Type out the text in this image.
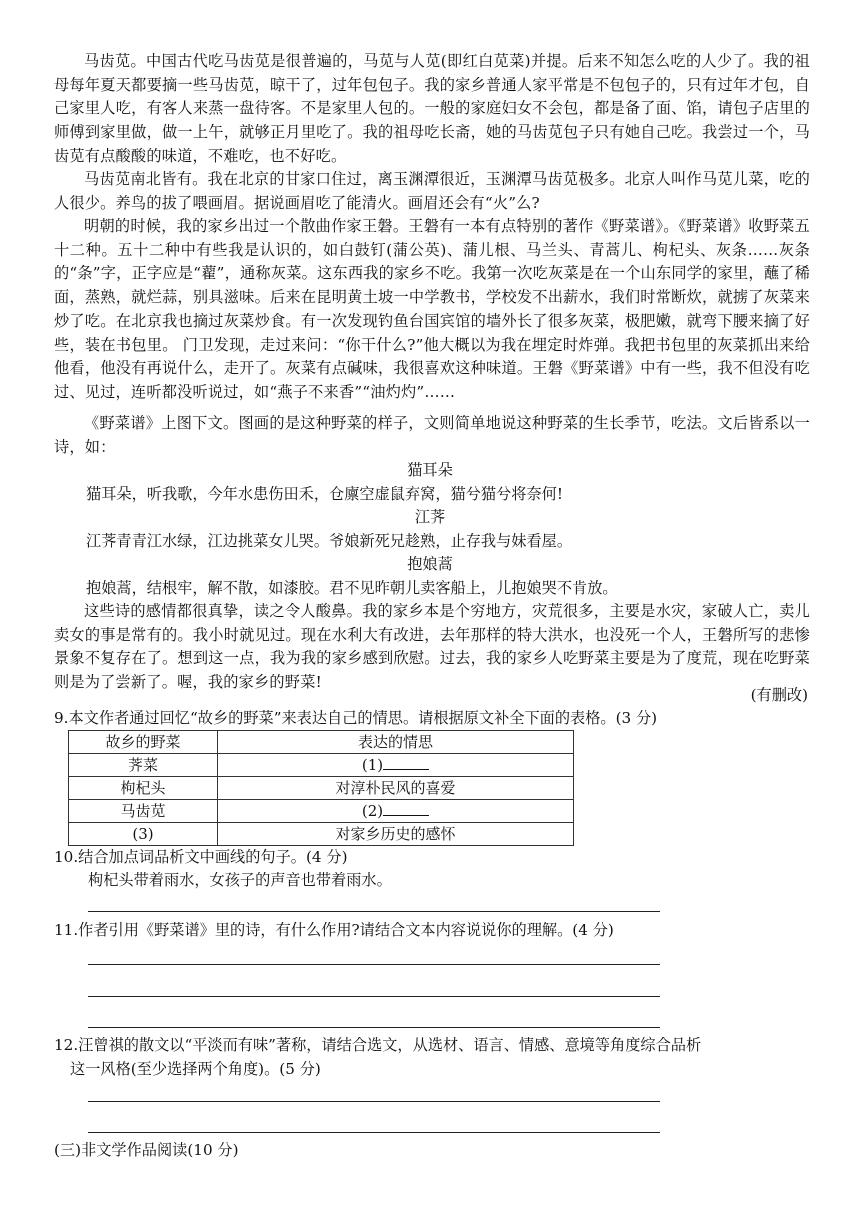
马齿苋。中国古代吃马齿苋是很普遍的，马苋与人苋(即红白苋菜)并提。后来不知怎么吃的人少了。我的祖母每年夏天都要摘一些马齿苋，晾干了，过年包包子。我的家乡普通人家平常是不包包子的，只有过年才包，自己家里人吃，有客人来蒸一盘待客。不是家里人包的。一般的家庭妇女不会包，都是备了面、馅，请包子店里的师傅到家里做，做一上午，就够正月里吃了。我的祖母吃长斋，她的马齿苋包子只有她自己吃。我尝过一个，马齿苋有点酸酸的味道，不难吃，也不好吃。

马齿苋南北皆有。我在北京的甘家口住过，离玉渊潭很近，玉渊潭马齿苋极多。北京人叫作马苋儿菜，吃的人很少。养鸟的拔了喂画眉。据说画眉吃了能清火。画眉还会有“火”么?

明朝的时候，我的家乡出过一个散曲作家王磐。王磐有一本有点特别的著作《野菜谱》。《野菜谱》收野菜五十二种。五十二种中有些我是认识的，如白鼓钉(蒲公英)、蒲儿根、马兰头、青蒿儿、枸杞头、灰条……灰条的“条”字，正字应是“藋”，通称灰菜。这东西我的家乡不吃。我第一次吃灰菜是在一个山东同学的家里，蘸了稀面，蒸熟，就烂蒜，别具滋味。后来在昆明黄土坡一中学教书，学校发不出薪水，我们时常断炊，就掳了灰菜来炒了吃。在北京我也摘过灰菜炒食。有一次发现钓鱼台国宾馆的墙外长了很多灰菜，极肥嫩，就弯下腰来摘了好些，装在书包里。 门卫发现，走过来问：“你干什么?”他大概以为我在埋定时炸弹。我把书包里的灰菜抓出来给他看，他没有再说什么，走开了。灰菜有点碱味，我很喜欢这种味道。王磐《野菜谱》中有一些，我不但没有吃过、见过，连听都没听说过，如“燕子不来香”“油灼灼”……

《野菜谱》上图下文。图画的是这种野菜的样子，文则简单地说这种野菜的生长季节，吃法。文后皆系以一诗，如：

猫耳朵

猫耳朵，听我歌，今年水患伤田禾，仓廪空虚鼠弃窝，猫兮猫兮将奈何!

江荠

江荠青青江水绿，江边挑菜女儿哭。爷娘新死兄趁熟，止存我与妹看屋。

抱娘蒿

抱娘蒿，结根牢，解不散，如漆胶。君不见昨朝儿卖客船上，儿抱娘哭不肯放。

这些诗的感情都很真挚，读之令人酸鼻。我的家乡本是个穷地方，灾荒很多，主要是水灾，家破人亡，卖儿卖女的事是常有的。我小时就见过。现在水利大有改进，去年那样的特大洪水，也没死一个人，王磐所写的悲惨景象不复存在了。想到这一点，我为我的家乡感到欣慰。过去，我的家乡人吃野菜主要是为了度荒，现在吃野菜则是为了尝新了。喔，我的家乡的野菜!

(有删改)

9.本文作者通过回忆“故乡的野菜”来表达自己的情思。请根据原文补全下面的表格。(3 分)

故乡的野菜	表达的情思
荠菜	(1)
枸杞头	对淳朴民风的喜爱
马齿苋	(2)
(3)	对家乡历史的感怀

10.结合加点词品析文中画线的句子。(4 分)

枸杞头带着雨水，女孩子的声音也带着雨水。

11.作者引用《野菜谱》里的诗，有什么作用?请结合文本内容说说你的理解。(4 分)

12.汪曾祺的散文以“平淡而有味”著称，请结合选文，从选材、语言、情感、意境等角度综合品析

这一风格(至少选择两个角度)。(5 分)

(三)非文学作品阅读(10 分)
